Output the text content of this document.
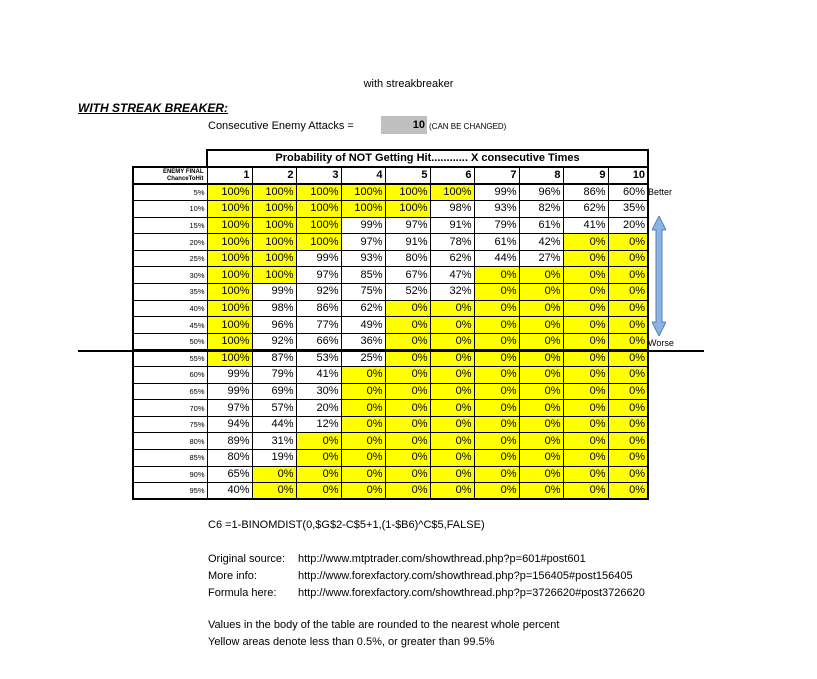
with streakbreaker
WITH STREAK BREAKER:
Consecutive Enemy Attacks =	10 (CAN BE CHANGED)
	Probability of NOT Getting Hit............ X consecutive Times									
ENEMY FINAL
ChanceToHit	1	2	3	4	5	6	7	8	9	10
5%	100%	100%	100%	100%	100%	100%	99%	96%	86%	60%
10%	100%	100%	100%	100%	100%	98%	93%	82%	62%	35%
15%	100%	100%	100%	99%	97%	91%	79%	61%	41%	20%
20%	100%	100%	100%	97%	91%	78%	61%	42%	0%	0%
25%	100%	100%	99%	93%	80%	62%	44%	27%	0%	0%
30%	100%	100%	97%	85%	67%	47%	0%	0%	0%	0%
35%	100%	99%	92%	75%	52%	32%	0%	0%	0%	0%
40%	100%	98%	86%	62%	0%	0%	0%	0%	0%	0%
45%	100%	96%	77%	49%	0%	0%	0%	0%	0%	0%
50%	100%	92%	66%	36%	0%	0%	0%	0%	0%	0%
55%	100%	87%	53%	25%	0%	0%	0%	0%	0%	0%
60%	99%	79%	41%	0%	0%	0%	0%	0%	0%	0%
65%	99%	69%	30%	0%	0%	0%	0%	0%	0%	0%
70%	97%	57%	20%	0%	0%	0%	0%	0%	0%	0%
75%	94%	44%	12%	0%	0%	0%	0%	0%	0%	0%
80%	89%	31%	0%	0%	0%	0%	0%	0%	0%	0%
85%	80%	19%	0%	0%	0%	0%	0%	0%	0%	0%
90%	65%	0%	0%	0%	0%	0%	0%	0%	0%	0%
95%	40%	0%	0%	0%	0%	0%	0%	0%	0%	0%
Better
Worse
C6 =1-BINOMDIST(0,$G$2-C$5+1,(1-$B6)^C$5,FALSE)
Original source: http://www.mtptrader.com/showthread.php?p=601#post601
More info:	http://www.forexfactory.com/showthread.php?p=156405#post156405
Formula here: http://www.forexfactory.com/showthread.php?p=3726620#post3726620
Values in the body of the table are rounded to the nearest whole percent
Yellow areas denote less than 0.5%, or greater than 99.5%
